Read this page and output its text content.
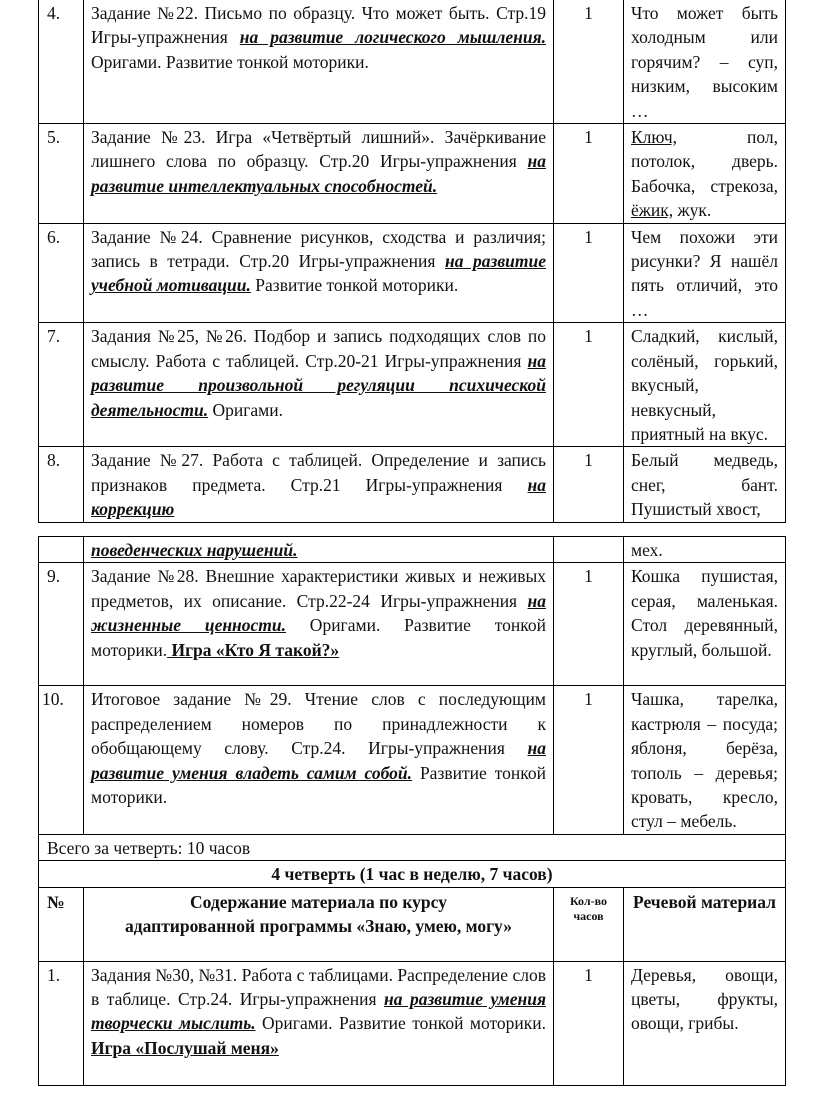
4.	Задание №22. Письмо по образцу. Что может быть. Стр.19 Игры-упражнения на развитие логического мышления. Оригами. Развитие тонкой моторики.	1	Что может быть холодным или горячим? – суп, низким, высоким …
5.	Задание №23. Игра «Четвёртый лишний». Зачёркивание лишнего слова по образцу. Стр.20 Игры-упражнения на развитие интеллектуальных способностей.	1	Ключ, пол, потолок, дверь. Бабочка, стрекоза, ёжик, жук.
6.	Задание №24. Сравнение рисунков, сходства и различия; запись в тетради. Стр.20 Игры-упражнения на развитие учебной мотивации. Развитие тонкой моторики.	1	Чем похожи эти рисунки? Я нашёл пять отличий, это …
7.	Задания №25, №26. Подбор и запись подходящих слов по смыслу. Работа с таблицей. Стр.20-21 Игры-упражнения на развитие произвольной регуляции психической деятельности. Оригами.	1	Сладкий, кислый, солёный, горький, вкусный, невкусный, приятный на вкус.
8.	Задание №27. Работа с таблицей. Определение и запись признаков предмета. Стр.21 Игры-упражнения на коррекцию	1	Белый медведь, снег, бант. Пушистый хвост,
	поведенческих нарушений.		мех.
9.	Задание №28. Внешние характеристики живых и неживых предметов, их описание. Стр.22-24 Игры-упражнения на жизненные ценности. Оригами. Развитие тонкой моторики. Игра «Кто Я такой?»	1	Кошка пушистая, серая, маленькая. Стол деревянный, круглый, большой.
10.	Итоговое задание №29. Чтение слов с последующим распределением номеров по принадлежности к обобщающему слову. Стр.24. Игры-упражнения на развитие умения владеть самим собой. Развитие тонкой моторики.	1	Чашка, тарелка, кастрюля – посуда; яблоня, берёза, тополь – деревья; кровать, кресло, стул – мебель.
Всего за четверть: 10 часов			
4 четверть (1 час в неделю, 7 часов)			
№	Содержание материала по курсу адаптированной программы «Знаю, умею, могу»	Кол-во часов	Речевой материал
1.	Задания №30, №31. Работа с таблицами. Распределение слов в таблице. Стр.24. Игры-упражнения на развитие умения творчески мыслить. Оригами. Развитие тонкой моторики. Игра «Послушай меня»	1	Деревья, овощи, цветы, фрукты, овощи, грибы.
